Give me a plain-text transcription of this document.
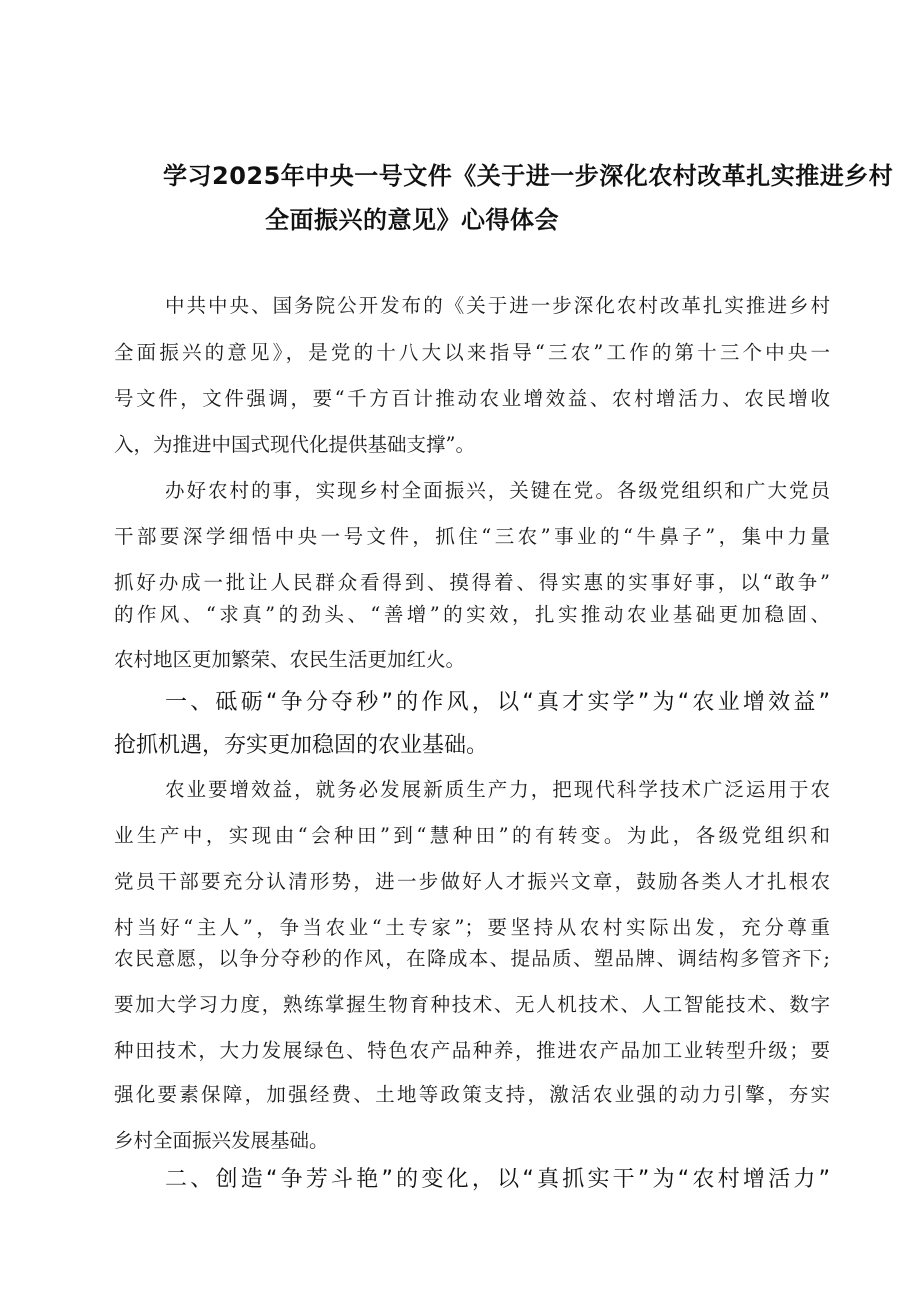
学习2025年中央一号文件《关于进一步深化农村改革扎实推进乡村
全面振兴的意见》心得体会
中共中央、国务院公开发布的《关于进一步深化农村改革扎实推进乡村
全面振兴的意见》，是党的十八大以来指导“三农”工作的第十三个中央一
号文件，文件强调，要“千方百计推动农业增效益、农村增活力、农民增收
入，为推进中国式现代化提供基础支撑”。
办好农村的事，实现乡村全面振兴，关键在党。各级党组织和广大党员
干部要深学细悟中央一号文件，抓住“三农”事业的“牛鼻子”，集中力量
抓好办成一批让人民群众看得到、摸得着、得实惠的实事好事，以“敢争”
的作风、“求真”的劲头、“善增”的实效，扎实推动农业基础更加稳固、
农村地区更加繁荣、农民生活更加红火。
一、砥砺“争分夺秒”的作风，以“真才实学”为“农业增效益”
抢抓机遇，夯实更加稳固的农业基础。
农业要增效益，就务必发展新质生产力，把现代科学技术广泛运用于农
业生产中，实现由“会种田”到“慧种田”的有转变。为此，各级党组织和
党员干部要充分认清形势，进一步做好人才振兴文章，鼓励各类人才扎根农
村当好“主人”，争当农业“土专家”；要坚持从农村实际出发，充分尊重
农民意愿，以争分夺秒的作风，在降成本、提品质、塑品牌、调结构多管齐下;
要加大学习力度，熟练掌握生物育种技术、无人机技术、人工智能技术、数字
种田技术，大力发展绿色、特色农产品种养，推进农产品加工业转型升级；要
强化要素保障，加强经费、土地等政策支持，激活农业强的动力引擎，夯实
乡村全面振兴发展基础。
二、创造“争芳斗艳”的变化，以“真抓实干”为“农村增活力”
